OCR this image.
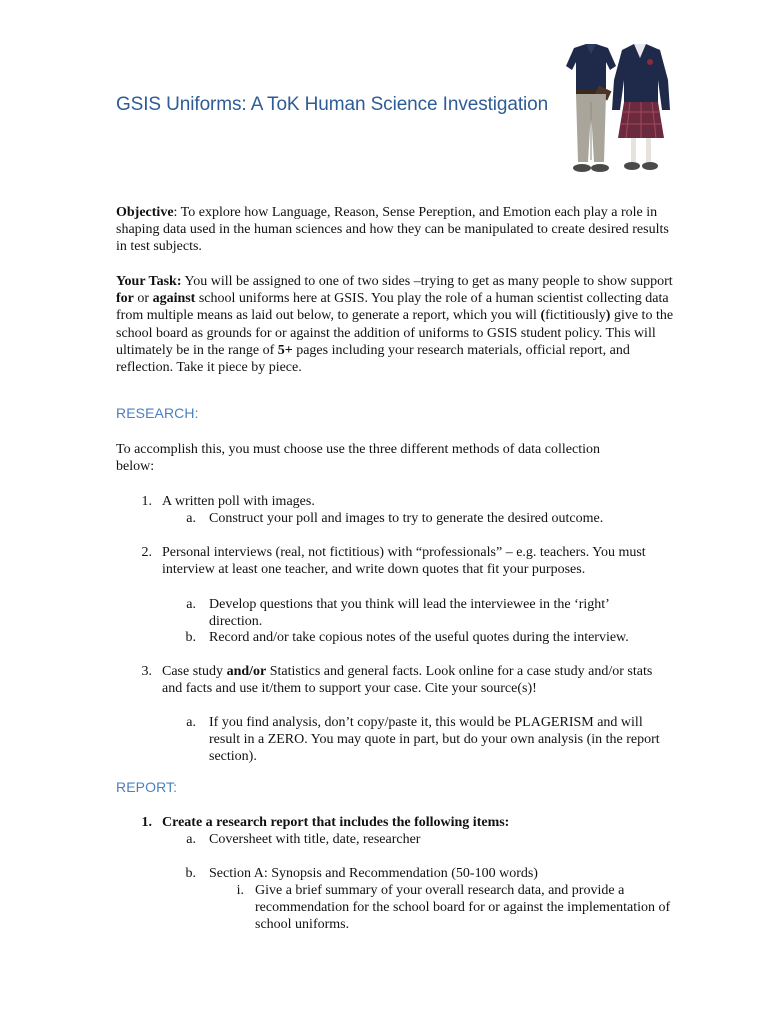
GSIS Uniforms: A ToK Human Science Investigation
Objective: To explore how Language, Reason, Sense Pereption, and Emotion each play a role in shaping data used in the human sciences and how they can be manipulated to create desired results in test subjects.
Your Task: You will be assigned to one of two sides –trying to get as many people to show support for or against school uniforms here at GSIS. You play the role of a human scientist collecting data from multiple means as laid out below, to generate a report, which you will (fictitiously) give to the school board as grounds for or against the addition of uniforms to GSIS student policy. This will ultimately be in the range of 5+ pages including your research materials, official report, and reflection. Take it piece by piece.
RESEARCH:
To accomplish this, you must choose use the three different methods of data collection below:
1. A written poll with images.
a. Construct your poll and images to try to generate the desired outcome.
2. Personal interviews (real, not fictitious) with “professionals” – e.g. teachers. You must interview at least one teacher, and write down quotes that fit your purposes.
a. Develop questions that you think will lead the interviewee in the ‘right’ direction.
b. Record and/or take copious notes of the useful quotes during the interview.
3. Case study and/or Statistics and general facts. Look online for a case study and/or stats and facts and use it/them to support your case. Cite your source(s)!
a. If you find analysis, don’t copy/paste it, this would be PLAGERISM and will result in a ZERO. You may quote in part, but do your own analysis (in the report section).
REPORT:
1. Create a research report that includes the following items:
a. Coversheet with title, date, researcher
b. Section A: Synopsis and Recommendation (50-100 words)
i. Give a brief summary of your overall research data, and provide a recommendation for the school board for or against the implementation of school uniforms.
